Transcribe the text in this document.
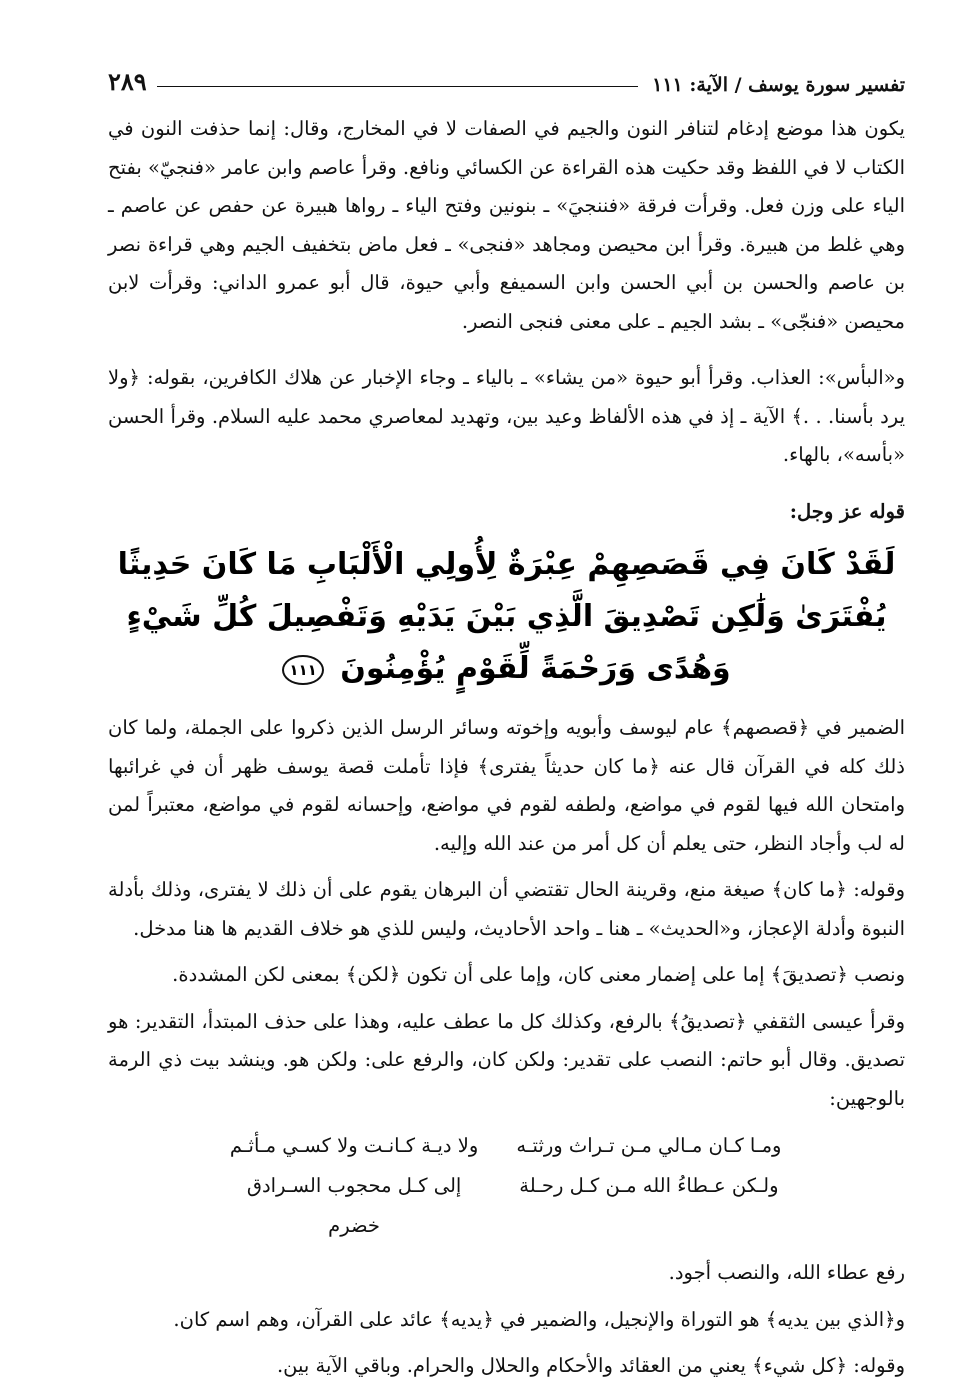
تفسير سورة يوسف / الآية: ١١١
٢٨٩

يكون هذا موضع إدغام لتنافر النون والجيم في الصفات لا في المخارج، وقال: إنما حذفت النون في الكتاب لا في اللفظ وقد حكيت هذه القراءة عن الكسائي ونافع. وقرأ عاصم وابن عامر «فنجيّ» بفتح الياء على وزن فعل. وقرأت فرقة «فننجيَ» ـ بنونين وفتح الياء ـ رواها هبيرة عن حفص عن عاصم ـ وهي غلط من هبيرة. وقرأ ابن محيصن ومجاهد «فنجى» ـ فعل ماض بتخفيف الجيم وهي قراءة نصر بن عاصم والحسن بن أبي الحسن وابن السميفع وأبي حيوة، قال أبو عمرو الداني: وقرأت لابن محيصن «فنجّى» ـ بشد الجيم ـ على معنى فنجى النصر.

و«البأس»: العذاب. وقرأ أبو حيوة «من يشاء» ـ بالياء ـ وجاء الإخبار عن هلاك الكافرين، بقوله: ﴿ولا يرد بأسنا. . .﴾ الآية ـ إذ في هذه الألفاظ وعيد بين، وتهديد لمعاصري محمد عليه السلام. وقرأ الحسن «بأسه»، بالهاء.

قوله عز وجل:

لَقَدْ كَانَ فِي قَصَصِهِمْ عِبْرَةٌ لِأُولِي الْأَلْبَابِ مَا كَانَ حَدِيثًا يُفْتَرَىٰ وَلَٰكِن تَصْدِيقَ الَّذِي بَيْنَ يَدَيْهِ وَتَفْصِيلَ كُلِّ شَيْءٍ وَهُدًى وَرَحْمَةً لِّقَوْمٍ يُؤْمِنُونَ ١١١

الضمير في ﴿قصصهم﴾ عام ليوسف وأبويه وإخوته وسائر الرسل الذين ذكروا على الجملة، ولما كان ذلك كله في القرآن قال عنه ﴿ما كان حديثاً يفترى﴾ فإذا تأملت قصة يوسف ظهر أن في غرائبها وامتحان الله فيها لقوم في مواضع، ولطفه لقوم في مواضع، وإحسانه لقوم في مواضع، معتبراً لمن له لب وأجاد النظر، حتى يعلم أن كل أمر من عند الله وإليه.

وقوله: ﴿ما كان﴾ صيغة منع، وقرينة الحال تقتضي أن البرهان يقوم على أن ذلك لا يفترى، وذلك بأدلة النبوة وأدلة الإعجاز، و«الحديث» ـ هنا ـ واحد الأحاديث، وليس للذي هو خلاف القديم ها هنا مدخل.

ونصب ﴿تصديقَ﴾ إما على إضمار معنى كان، وإما على أن تكون ﴿لكن﴾ بمعنى لكن المشددة.

وقرأ عيسى الثقفي ﴿تصديقُ﴾ بالرفع، وكذلك كل ما عطف عليه، وهذا على حذف المبتدأ، التقدير: هو تصديق. وقال أبو حاتم: النصب على تقدير: ولكن كان، والرفع على: ولكن هو. وينشد بيت ذي الرمة بالوجهين:

ومـا كـان مـالي مـن تـراث ورثتـه
ولا ديـة كـانـت ولا كسـي مـأثـم
ولـكن عـطاءُ الله مـن كـل رحـلة
إلى كـل محجوب السـرادق خضرم

رفع عطاء الله، والنصب أجود.

و﴿الذي بين يديه﴾ هو التوراة والإنجيل، والضمير في ﴿يديه﴾ عائد على القرآن، وهم اسم كان.

وقوله: ﴿كل شيء﴾ يعني من العقائد والأحكام والحلال والحرام. وباقي الآية بين.
